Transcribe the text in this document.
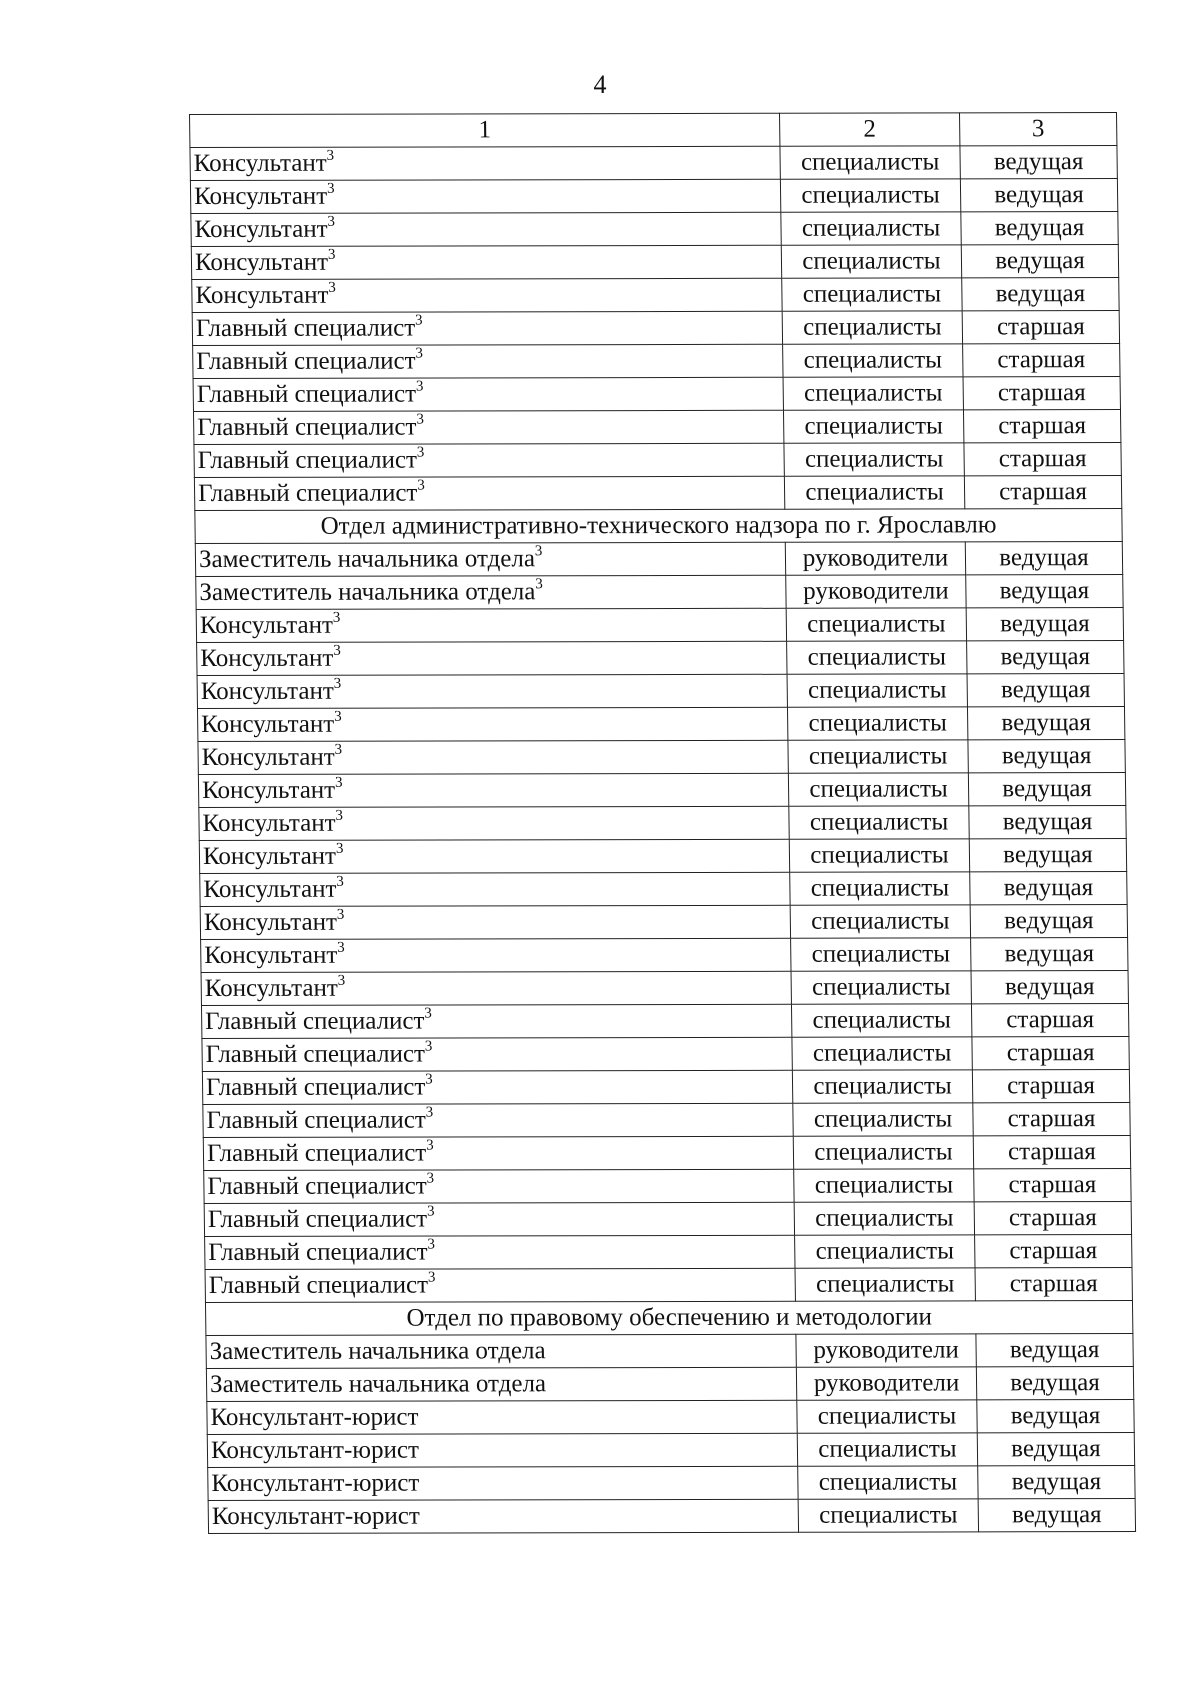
4
1	2	3
Консультант$^3$	специалисты	ведущая
Консультант$^3$	специалисты	ведущая
Консультант$^3$	специалисты	ведущая
Консультант$^3$	специалисты	ведущая
Консультант$^3$	специалисты	ведущая
Главный специалист$^3$	специалисты	старшая
Главный специалист$^3$	специалисты	старшая
Главный специалист$^3$	специалисты	старшая
Главный специалист$^3$	специалисты	старшая
Главный специалист$^3$	специалисты	старшая
Главный специалист$^3$	специалисты	старшая
Отдел административно-технического надзора по г. Ярославлю		
Заместитель начальника отдела$^3$	руководители	ведущая
Заместитель начальника отдела$^3$	руководители	ведущая
Консультант$^3$	специалисты	ведущая
Консультант$^3$	специалисты	ведущая
Консультант$^3$	специалисты	ведущая
Консультант$^3$	специалисты	ведущая
Консультант$^3$	специалисты	ведущая
Консультант$^3$	специалисты	ведущая
Консультант$^3$	специалисты	ведущая
Консультант$^3$	специалисты	ведущая
Консультант$^3$	специалисты	ведущая
Консультант$^3$	специалисты	ведущая
Консультант$^3$	специалисты	ведущая
Консультант$^3$	специалисты	ведущая
Главный специалист$^3$	специалисты	старшая
Главный специалист$^3$	специалисты	старшая
Главный специалист$^3$	специалисты	старшая
Главный специалист$^3$	специалисты	старшая
Главный специалист$^3$	специалисты	старшая
Главный специалист$^3$	специалисты	старшая
Главный специалист$^3$	специалисты	старшая
Главный специалист$^3$	специалисты	старшая
Главный специалист$^3$	специалисты	старшая
Отдел по правовому обеспечению и методологии		
Заместитель начальника отдела	руководители	ведущая
Заместитель начальника отдела	руководители	ведущая
Консультант-юрист	специалисты	ведущая
Консультант-юрист	специалисты	ведущая
Консультант-юрист	специалисты	ведущая
Консультант-юрист	специалисты	ведущая
